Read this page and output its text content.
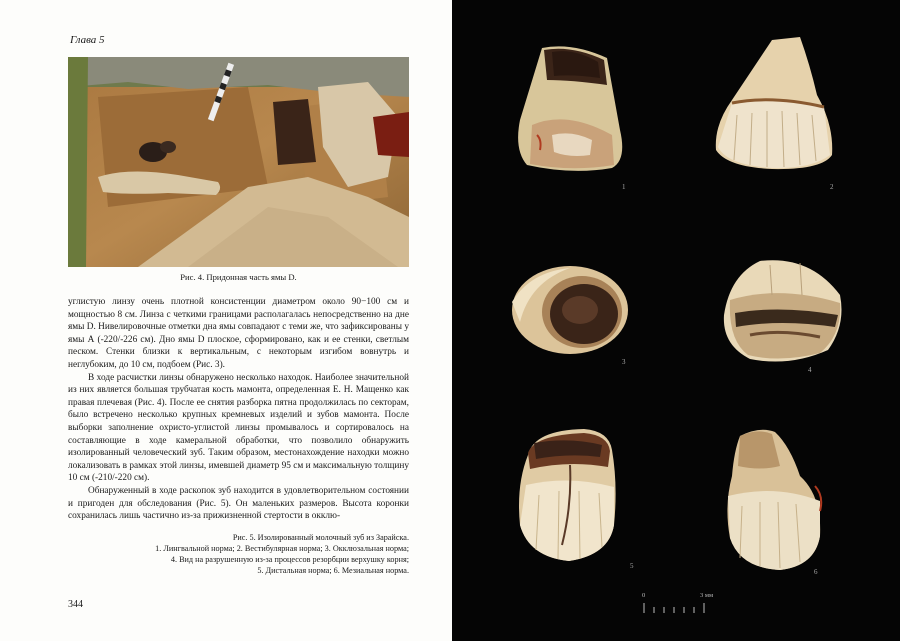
Глава 5
Рис. 4. Придонная часть ямы D.

углистую линзу очень плотной консистенции диаметром около 90−100 см и мощностью 8 см. Линза с четкими границами располагалась непосредственно на дне ямы D. Нивелировочные отметки дна ямы совпадают с теми же, что зафиксированы у ямы А (-220/-226 см). Дно ямы D плоское, сформировано, как и ее стенки, светлым песком. Стенки близки к вертикальным, с некоторым изгибом вовнутрь и неглубоким, до 10 см, подбоем (Рис. 3).

В ходе расчистки линзы обнаружено несколько находок. Наиболее значительной из них является большая трубчатая кость мамонта, определенная Е. Н. Мащенко как правая плечевая (Рис. 4). После ее снятия разборка пятна продолжилась по секторам, было встречено несколько крупных кремневых изделий и зубов мамонта. После выборки заполнение охристо-углистой линзы промывалось и сортировалось на составляющие в ходе камеральной обработки, что позволило обнаружить изолированный человеческий зуб. Таким образом, местонахождение находки можно локализовать в рамках этой линзы, имевшей диаметр 95 см и максимальную толщину 10 см (-210/-220 см).

Обнаруженный в ходе раскопок зуб находится в удовлетворительном состоянии и пригоден для обследования (Рис. 5). Он маленьких размеров. Высота коронки сохранилась лишь частично из-за прижизненной стертости в окклю-

Рис. 5. Изолированный молочный зуб из Зарайска.
1. Лингвальной норма; 2. Вестибулярная норма; 3. Окклюзальная норма;
4. Вид на разрушенную из-за процессов резорбции верхушку корня;
5. Дистальная норма; 6. Мезиальная норма.
344
1	2
3
4
5
6
0	3 мм
